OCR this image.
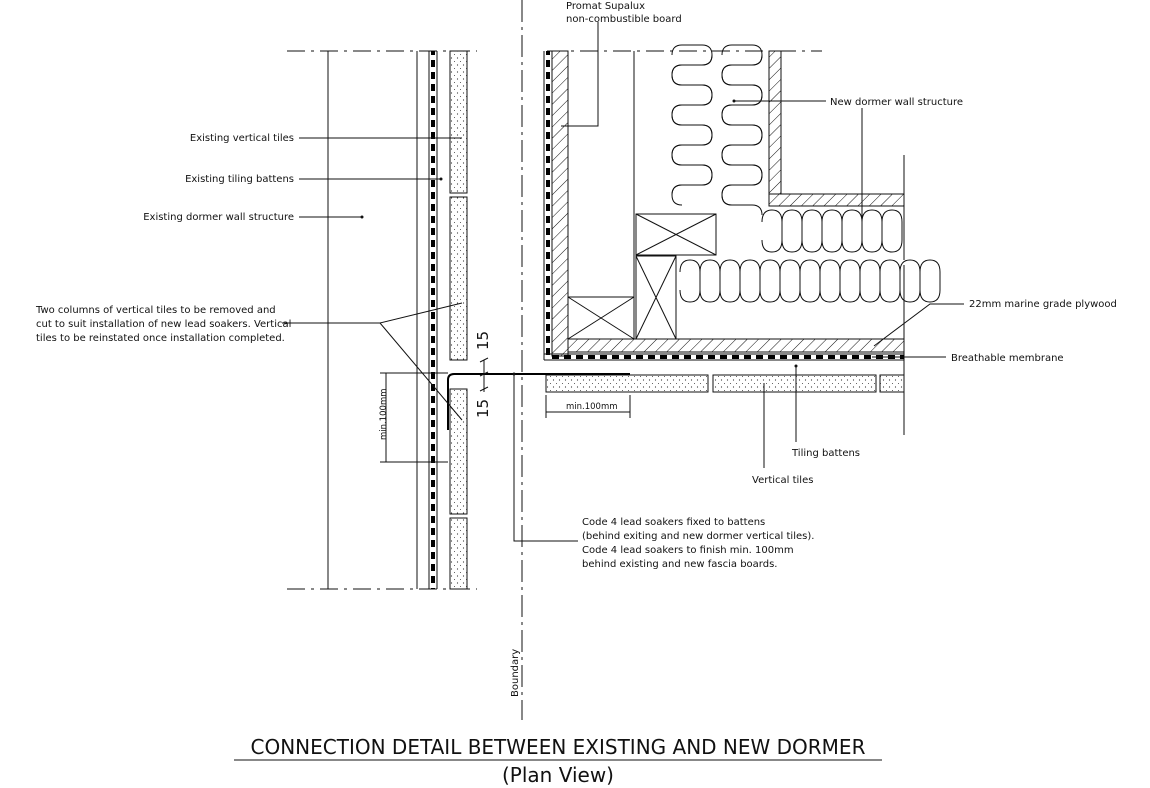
Boundary
15
15	min.100mm
min.100mm
Promat Supalux
non-combustible board
New dormer wall structure
Existing vertical tiles
Existing tiling battens
Existing dormer wall structure
Two columns of vertical tiles to be removed and
cut to suit installation of new lead soakers. Vertical
tiles to be reinstated once installation completed.
22mm marine grade plywood
Breathable membrane
Tiling battens
Vertical tiles
Code 4 lead soakers fixed to battens
(behind exiting and new dormer vertical tiles).
Code 4 lead soakers to finish min. 100mm
behind existing and new fascia boards.
CONNECTION DETAIL BETWEEN EXISTING AND NEW DORMER
(Plan View)
